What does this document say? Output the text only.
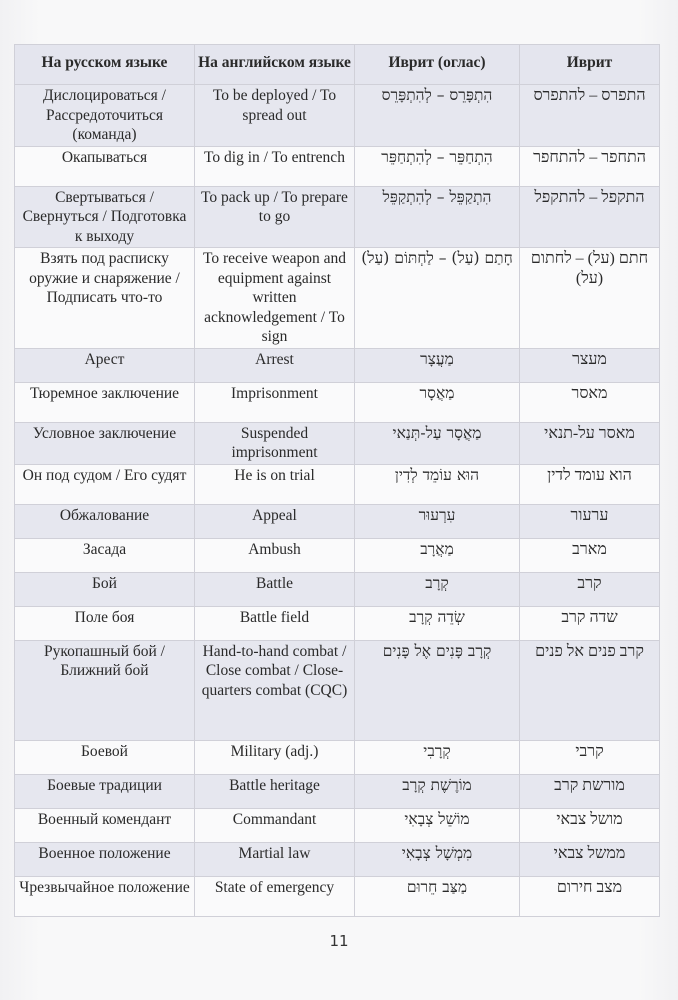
На русском языке	На английском языке	Иврит (оглас)	Иврит
Дислоцироваться / Рассредоточиться (команда)	To be deployed / To spread out	הִתְפָּרֵס – לְהִתְפָּרֵס	התפרס – להתפרס
Окапываться	To dig in / To entrench	הִתְחַפֵּר – לְהִתְחַפֵּר	התחפר – להתחפר
Свертываться / Свернуться / Подготовка к выходу	To pack up / To prepare to go	הִתְקַפֵּל – לְהִתְקַפֵּל	התקפל – להתקפל
Взять под расписку оружие и снаряжение / Подписать что-то	To receive weapon and equipment against written acknowledgement / To sign	חָתַם (עַל) – לַחְתּוֹם (עַל)	חתם (על) – לחתום (על)
Арест	Arrest	מַעֲצָר	מעצר
Тюремное заключение	Imprisonment	מַאֲסָר	מאסר
Условное заключение	Suspended imprisonment	מַאֲסָר עַל-תְּנַאי	מאסר על-תנאי
Он под судом / Его судят	He is on trial	הוּא עוֹמֵד לְדִין	הוא עומד לדין
Обжалование	Appeal	עִרְעוּר	ערעור
Засада	Ambush	מַאֲרָב	מארב
Бой	Battle	קְרָב	קרב
Поле боя	Battle field	שְׂדֵה קְרָב	שדה קרב
Рукопашный бой / Ближний бой	Hand-to-hand combat / Close combat / Close-quarters combat (CQC)	קְרָב פָּנִים אֶל פָּנִים	קרב פנים אל פנים
Боевой	Military (adj.)	קְרָבִי	קרבי
Боевые традиции	Battle heritage	מוֹרֶשֶׁת קְרָב	מורשת קרב
Военный комендант	Commandant	מוֹשֵׁל צְבָאִי	מושל צבאי
Военное положение	Martial law	מִמְשָׁל צְבָאִי	ממשל צבאי
Чрезвычайное положение	State of emergency	מַצַּב חֵרוּם	מצב חירום
11
